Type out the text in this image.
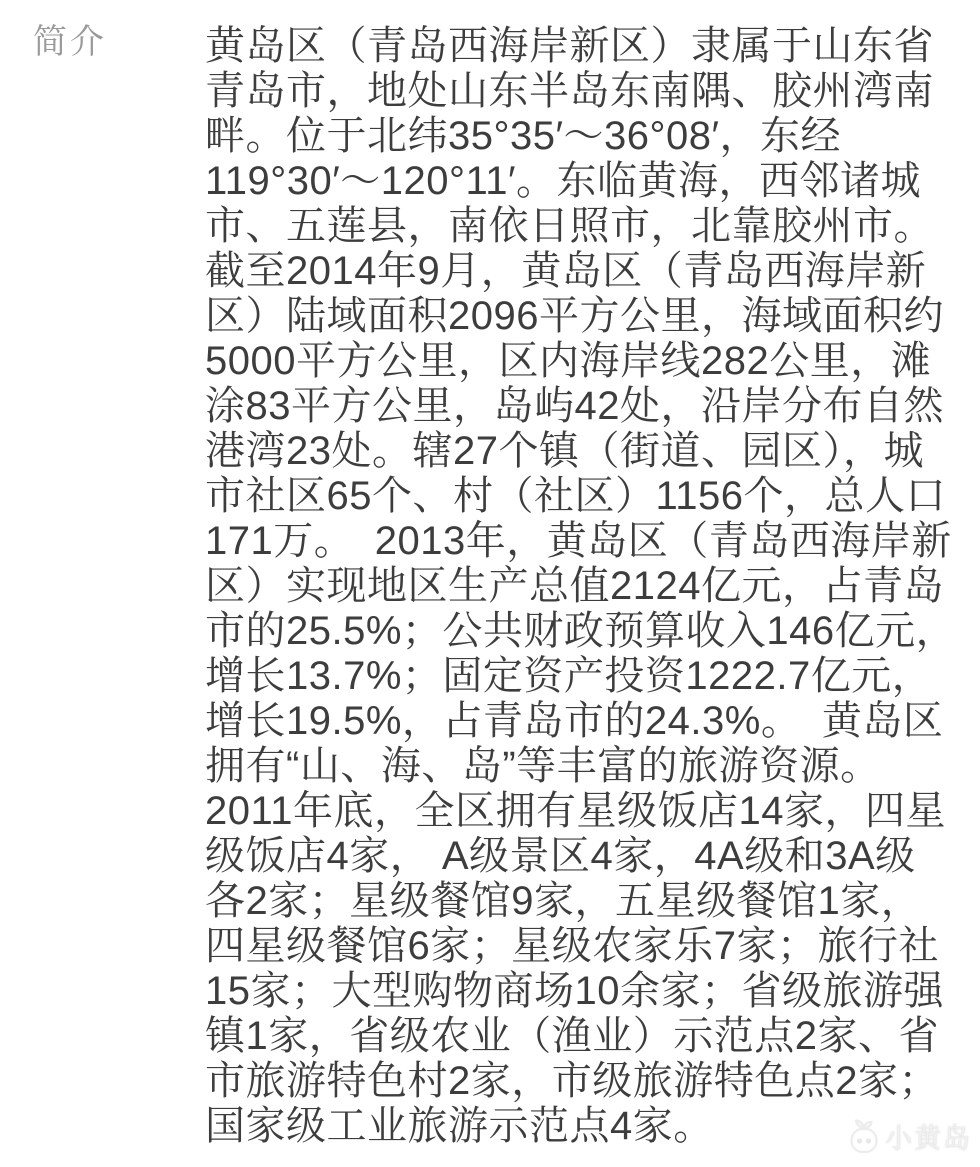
简介 黄岛区（青岛西海岸新区）隶属于山东省
青岛市，地处山东半岛东南隅、胶州湾南
畔。位于北纬35°35′～36°08′，东经
119°30′～120°11′。东临黄海，西邻诸城
市、五莲县，南依日照市，北靠胶州市。
截至2014年9月，黄岛区（青岛西海岸新
区）陆域面积2096平方公里，海域面积约
5000平方公里，区内海岸线282公里，滩
涂83平方公里，岛屿42处，沿岸分布自然
港湾23处。辖27个镇（街道、园区），城
市社区65个、村（社区）1156个，总人口
171万。　2013年，黄岛区（青岛西海岸新
区）实现地区生产总值2124亿元，占青岛
市的25.5%；公共财政预算收入146亿元，
增长13.7%；固定资产投资1222.7亿元，
增长19.5%，占青岛市的24.3%。　黄岛区
拥有“山、海、岛”等丰富的旅游资源。
2011年底，全区拥有星级饭店14家，四星
级饭店4家， A级景区4家，4A级和3A级
各2家；星级餐馆9家，五星级餐馆1家，
四星级餐馆6家；星级农家乐7家；旅行社
15家；大型购物商场10余家；省级旅游强
镇1家，省级农业（渔业）示范点2家、省
市旅游特色村2家，市级旅游特色点2家；
国家级工业旅游示范点4家。	小黄岛
